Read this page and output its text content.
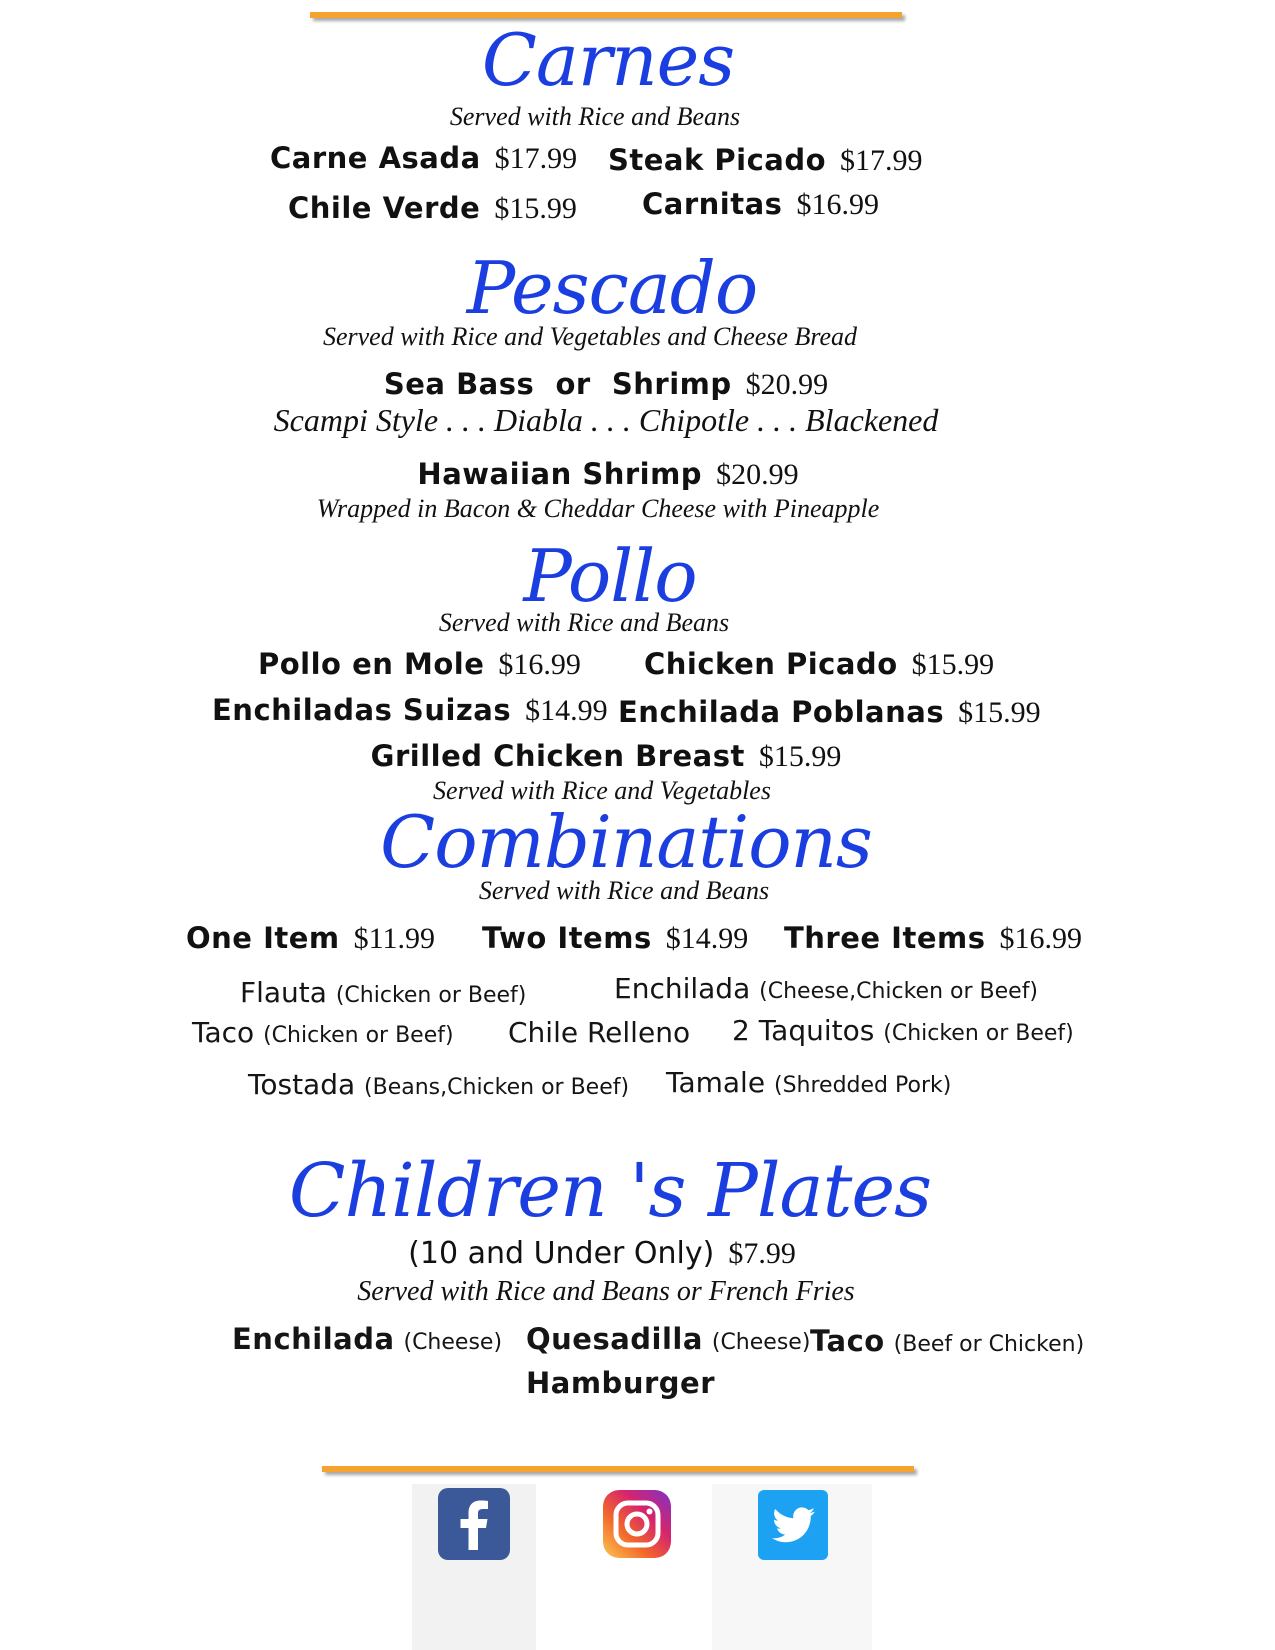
Carnes
Served with Rice and Beans
Carne Asada $17.99 Steak Picado $17.99
Chile Verde $15.99 Carnitas $16.99
Pescado
Served with Rice and Vegetables and Cheese Bread
Sea Bass  or  Shrimp $20.99
Scampi Style . . . Diabla . . . Chipotle . . . Blackened
Hawaiian Shrimp $20.99
Wrapped in Bacon & Cheddar Cheese with Pineapple
Pollo
Served with Rice and Beans
Pollo en Mole $16.99 Chicken Picado $15.99
Enchiladas Suizas $14.99 Enchilada Poblanas $15.99
Grilled Chicken Breast $15.99
Served with Rice and Vegetables
Combinations
Served with Rice and Beans
One Item $11.99 Two Items $14.99 Three Items $16.99
Flauta (Chicken or Beef)	Enchilada (Cheese,Chicken or Beef)
Taco (Chicken or Beef) Chile Relleno 2 Taquitos (Chicken or Beef)
Tostada (Beans,Chicken or Beef) Tamale (Shredded Pork)
Children 's Plates
(10 and Under Only) $7.99
Served with Rice and Beans or French Fries
Enchilada (Cheese) Quesadilla (Cheese) Taco (Beef or Chicken)
Hamburger
